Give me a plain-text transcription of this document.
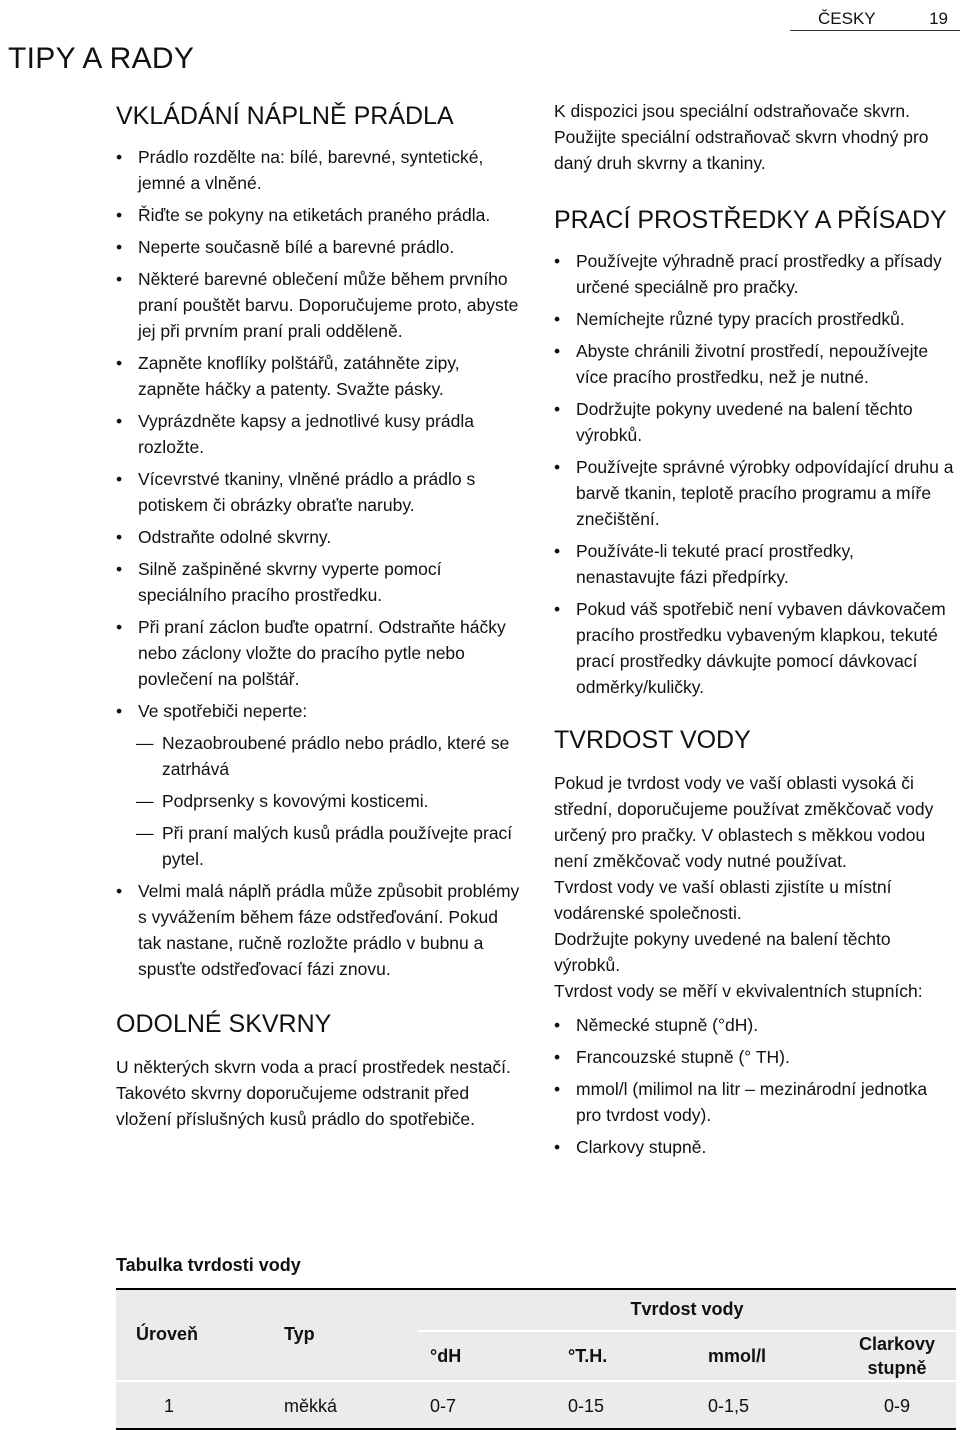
ČESKY	19
TIPY A RADY
VKLÁDÁNÍ NÁPLNĚ PRÁDLA
• Prádlo rozdělte na: bílé, barevné, syntetické, jemné a vlněné.
• Řiďte se pokyny na etiketách praného prádla.
• Neperte současně bílé a barevné prádlo.
• Některé barevné oblečení může během prvního praní pouštět barvu. Doporučujeme proto, abyste jej při prvním praní prali odděleně.
• Zapněte knoflíky polštářů, zatáhněte zipy, zapněte háčky a patenty. Svažte pásky.
• Vyprázdněte kapsy a jednotlivé kusy prádla rozložte.
• Vícevrstvé tkaniny, vlněné prádlo a prádlo s potiskem či obrázky obraťte naruby.
• Odstraňte odolné skvrny.
• Silně zašpiněné skvrny vyperte pomocí speciálního pracího prostředku.
• Při praní záclon buďte opatrní. Odstraňte háčky nebo záclony vložte do pracího pytle nebo povlečení na polštář.
• Ve spotřebiči neperte:
— Nezaobroubené prádlo nebo prádlo, které se zatrhává
— Podprsenky s kovovými kosticemi.
— Při praní malých kusů prádla používejte prací pytel.
• Velmi malá náplň prádla může způsobit problémy s vyvážením během fáze odstřeďování. Pokud tak nastane, ručně rozložte prádlo v bubnu a spusťte odstřeďovací fázi znovu.
ODOLNÉ SKVRNY

U některých skvrn voda a prací prostředek nestačí.

Takovéto skvrny doporučujeme odstranit před vložení příslušných kusů prádlo do spotřebiče.

K dispozici jsou speciální odstraňovače skvrn. Použijte speciální odstraňovač skvrn vhodný pro daný druh skvrny a tkaniny.

PRACÍ PROSTŘEDKY A PŘÍSADY
• Používejte výhradně prací prostředky a přísady určené speciálně pro pračky.
• Nemíchejte různé typy pracích prostředků.
• Abyste chránili životní prostředí, nepoužívejte více pracího prostředku, než je nutné.
• Dodržujte pokyny uvedené na balení těchto výrobků.
• Používejte správné výrobky odpovídající druhu a barvě tkanin, teplotě pracího programu a míře znečištění.
• Používáte-li tekuté prací prostředky, nenastavujte fázi předpírky.
• Pokud váš spotřebič není vybaven dávkovačem pracího prostředku vybaveným klapkou, tekuté prací prostředky dávkujte pomocí dávkovací odměrky/kuličky.
TVRDOST VODY

Pokud je tvrdost vody ve vaší oblasti vysoká či střední, doporučujeme používat změkčovač vody určený pro pračky. V oblastech s měkkou vodou není změkčovač vody nutné používat.

Tvrdost vody ve vaší oblasti zjistíte u místní vodárenské společnosti.

Dodržujte pokyny uvedené na balení těchto výrobků.

Tvrdost vody se měří v ekvivalentních stupních:

• Německé stupně (°dH).
• Francouzské stupně (° TH).
• mmol/l (milimol na litr – mezinárodní jednotka pro tvrdost vody).
• Clarkovy stupně.
Tabulka tvrdosti vody
Úroveň	Typ	Tvrdost vody			
		°dH	°T.H.	mmol/l	Clarkovy stupně
1	měkká	0-7	0-15	0-1,5	0-9
